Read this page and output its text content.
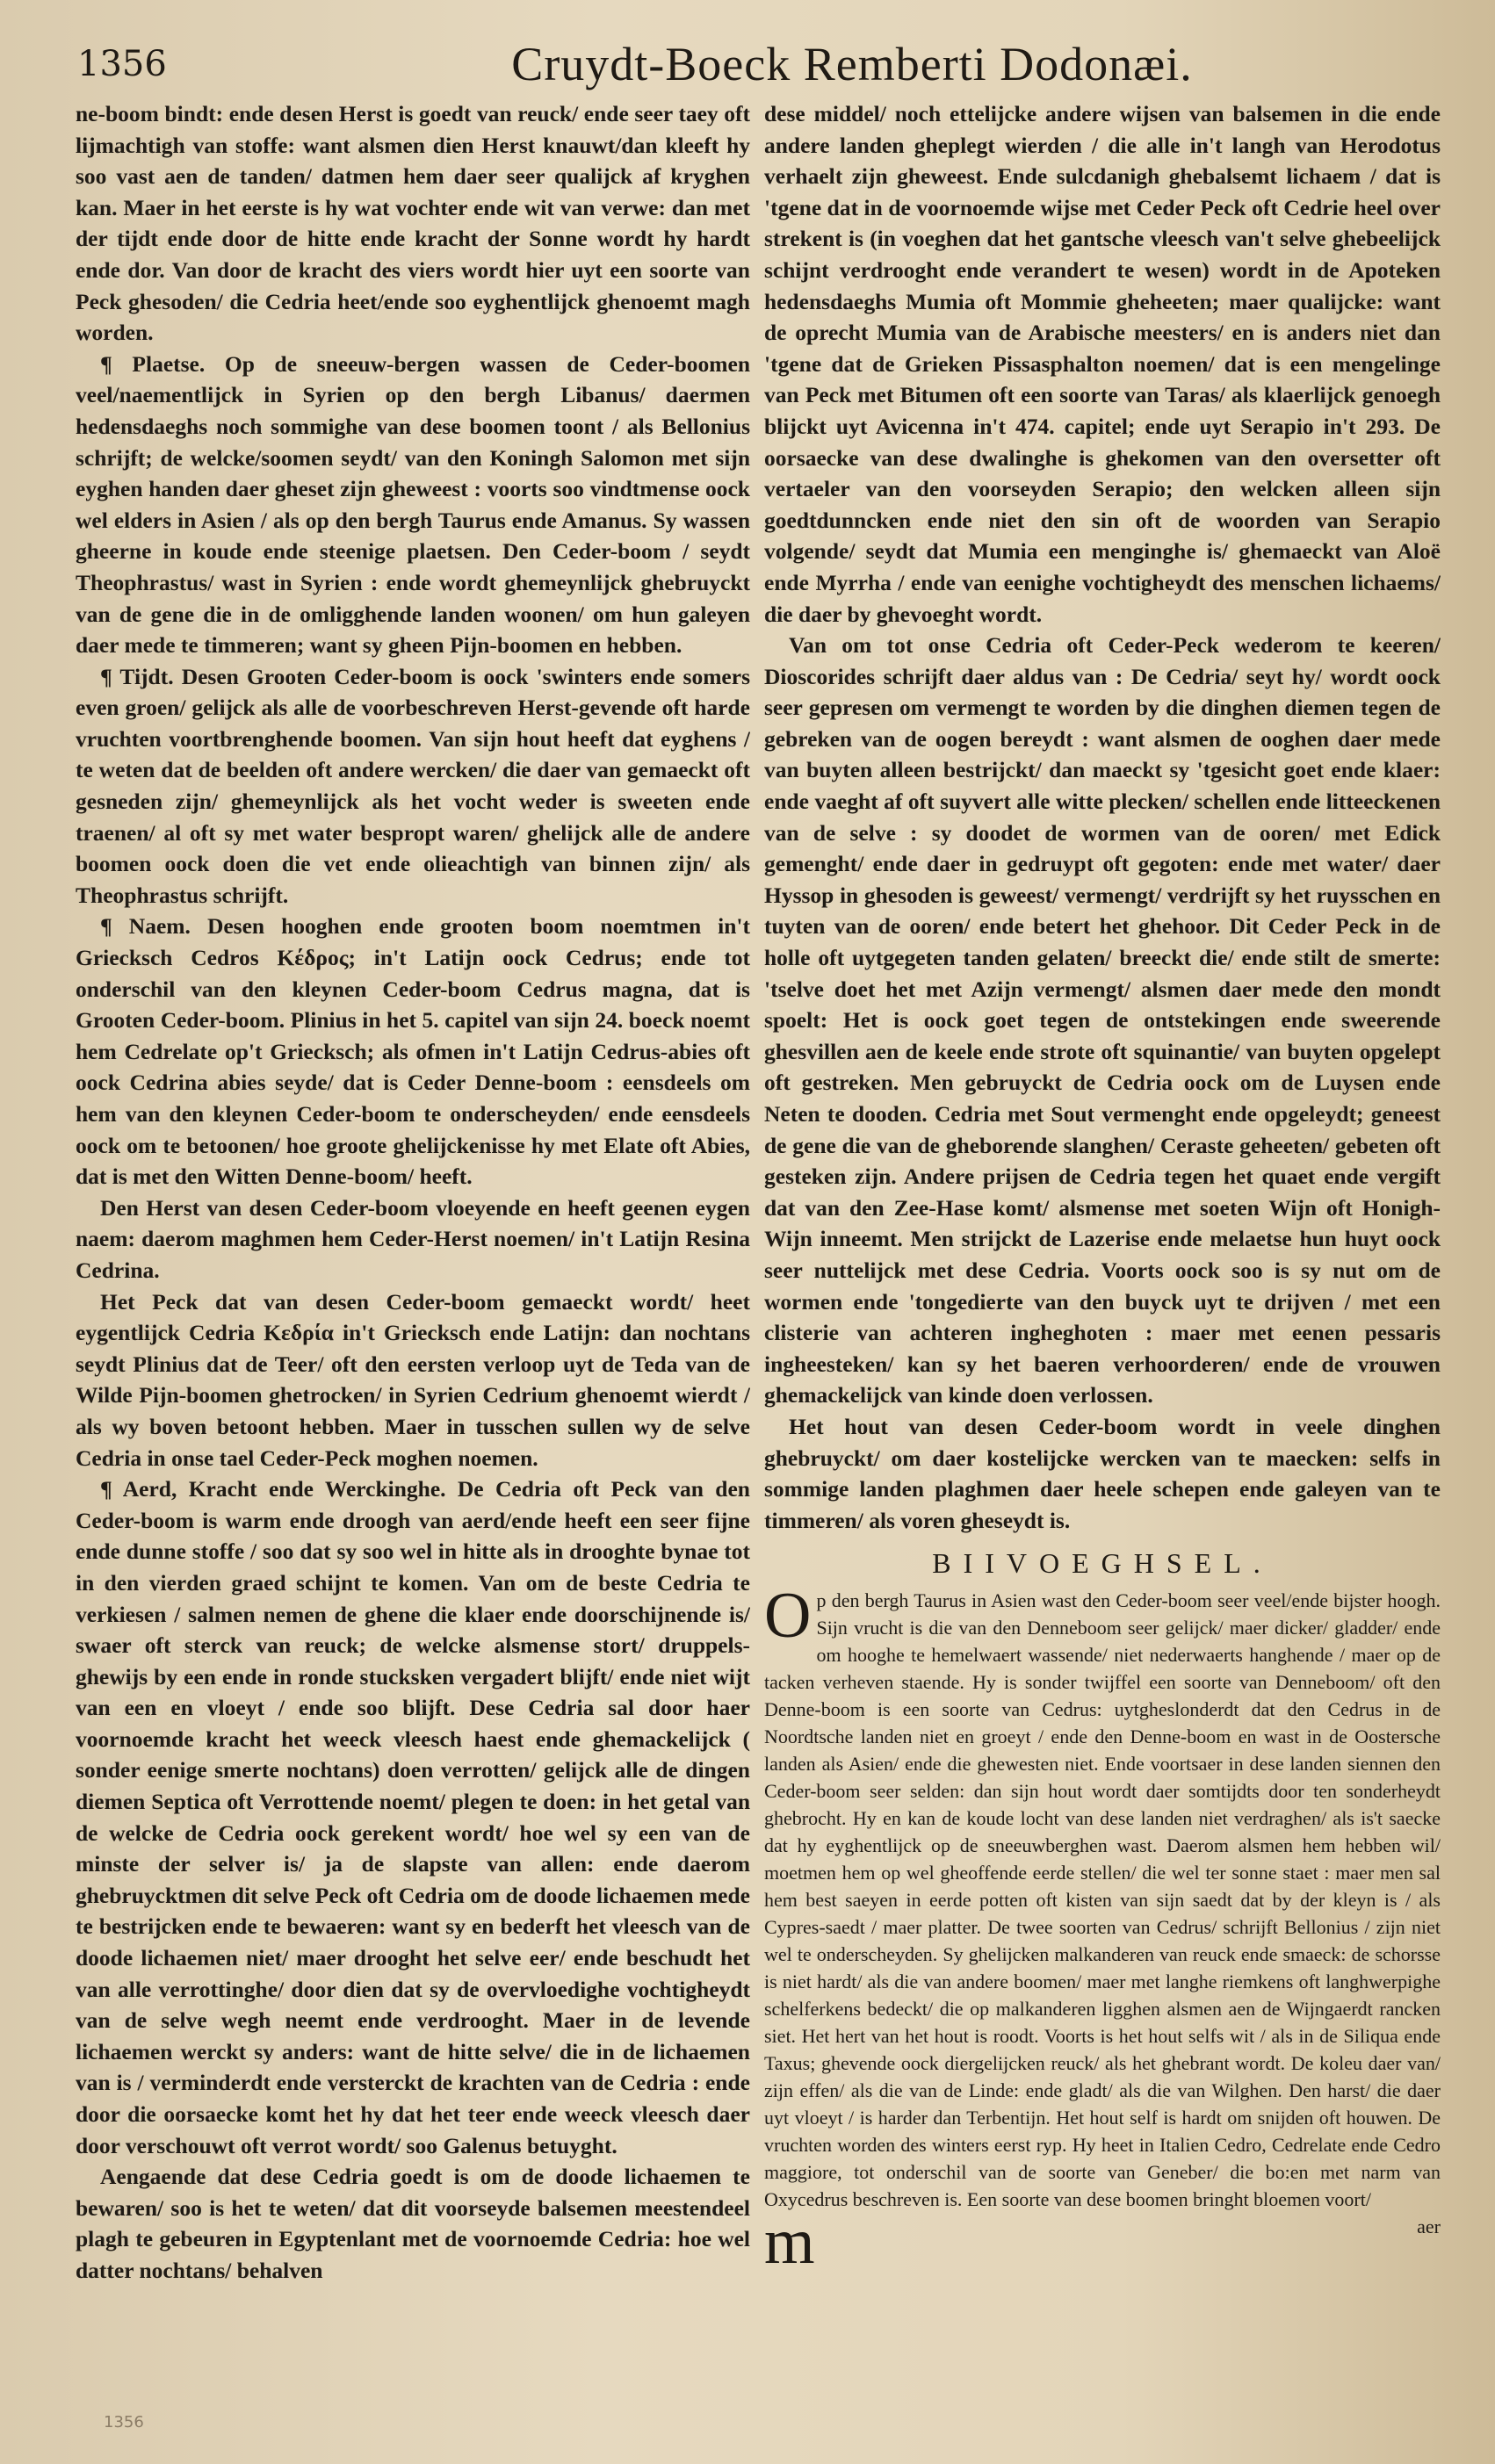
1356	Cruydt-Boeck Remberti Dodonæi.

ne-boom bindt: ende desen Herst is goedt van reuck/ ende seer taey oft lijmachtigh van stoffe: want alsmen dien Herst knauwt/dan kleeft hy soo vast aen de tanden/ datmen hem daer seer qualijck af kryghen kan. Maer in het eerste is hy wat vochter ende wit van verwe: dan met der tijdt ende door de hitte ende kracht der Sonne wordt hy hardt ende dor. Van door de kracht des viers wordt hier uyt een soorte van Peck ghesoden/ die Cedria heet/ende soo eyghentlijck ghenoemt magh worden.

¶ Plaetse. Op de sneeuw-bergen wassen de Ceder-boomen veel/naementlijck in Syrien op den bergh Libanus/ daermen hedensdaeghs noch sommighe van dese boomen toont / als Bellonius schrijft; de welcke/soomen seydt/ van den Koningh Salomon met sijn eyghen handen daer gheset zijn gheweest : voorts soo vindtmense oock wel elders in Asien / als op den bergh Taurus ende Amanus. Sy wassen gheerne in koude ende steenige plaetsen. Den Ceder-boom / seydt Theophrastus/ wast in Syrien : ende wordt ghemeynlijck ghebruyckt van de gene die in de omligghende landen woonen/ om hun galeyen daer mede te timmeren; want sy gheen Pijn-boomen en hebben.

¶ Tijdt. Desen Grooten Ceder-boom is oock 'swinters ende somers even groen/ gelijck als alle de voorbeschreven Herst-gevende oft harde vruchten voortbrenghende boomen. Van sijn hout heeft dat eyghens / te weten dat de beelden oft andere wercken/ die daer van gemaeckt oft gesneden zijn/ ghemeynlijck als het vocht weder is sweeten ende traenen/ al oft sy met water bespropt waren/ ghelijck alle de andere boomen oock doen die vet ende olieachtigh van binnen zijn/ als Theophrastus schrijft.

¶ Naem. Desen hooghen ende grooten boom noemtmen in't Griecksch Cedros Κέδρος; in't Latijn oock Cedrus; ende tot onderschil van den kleynen Ceder-boom Cedrus magna, dat is Grooten Ceder-boom. Plinius in het 5. capitel van sijn 24. boeck noemt hem Cedrelate op't Griecksch; als ofmen in't Latijn Cedrus-abies oft oock Cedrina abies seyde/ dat is Ceder Denne-boom : eensdeels om hem van den kleynen Ceder-boom te onderscheyden/ ende eensdeels oock om te betoonen/ hoe groote ghelijckenisse hy met Elate oft Abies, dat is met den Witten Denne-boom/ heeft.

Den Herst van desen Ceder-boom vloeyende en heeft geenen eygen naem: daerom maghmen hem Ceder-Herst noemen/ in't Latijn Resina Cedrina.

Het Peck dat van desen Ceder-boom gemaeckt wordt/ heet eygentlijck Cedria Κεδρία in't Griecksch ende Latijn: dan nochtans seydt Plinius dat de Teer/ oft den eersten verloop uyt de Teda van de Wilde Pijn-boomen ghetrocken/ in Syrien Cedrium ghenoemt wierdt / als wy boven betoont hebben. Maer in tusschen sullen wy de selve Cedria in onse tael Ceder-Peck moghen noemen.

¶ Aerd, Kracht ende Werckinghe. De Cedria oft Peck van den Ceder-boom is warm ende droogh van aerd/ende heeft een seer fijne ende dunne stoffe / soo dat sy soo wel in hitte als in drooghte bynae tot in den vierden graed schijnt te komen. Van om de beste Cedria te verkiesen / salmen nemen de ghene die klaer ende doorschijnende is/ swaer oft sterck van reuck; de welcke alsmense stort/ druppels-ghewijs by een ende in ronde stucksken vergadert blijft/ ende niet wijt van een en vloeyt / ende soo blijft. Dese Cedria sal door haer voornoemde kracht het weeck vleesch haest ende ghemackelijck ( sonder eenige smerte nochtans) doen verrotten/ gelijck alle de dingen diemen Septica oft Verrottende noemt/ plegen te doen: in het getal van de welcke de Cedria oock gerekent wordt/ hoe wel sy een van de minste der selver is/ ja de slapste van allen: ende daerom ghebruycktmen dit selve Peck oft Cedria om de doode lichaemen mede te bestrijcken ende te bewaeren: want sy en bederft het vleesch van de doode lichaemen niet/ maer drooght het selve eer/ ende beschudt het van alle verrottinghe/ door dien dat sy de overvloedighe vochtigheydt van de selve wegh neemt ende verdrooght. Maer in de levende lichaemen werckt sy anders: want de hitte selve/ die in de lichaemen van is / verminderdt ende versterckt de krachten van de Cedria : ende door die oorsaecke komt het hy dat het teer ende weeck vleesch daer door verschouwt oft verrot wordt/ soo Galenus betuyght.

Aengaende dat dese Cedria goedt is om de doode lichaemen te bewaren/ soo is het te weten/ dat dit voorseyde balsemen meestendeel plagh te gebeuren in Egyptenlant met de voornoemde Cedria: hoe wel datter nochtans/ behalven

dese middel/ noch ettelijcke andere wijsen van balsemen in die ende andere landen gheplegt wierden / die alle in't langh van Herodotus verhaelt zijn gheweest. Ende sulcdanigh ghebalsemt lichaem / dat is 'tgene dat in de voornoemde wijse met Ceder Peck oft Cedrie heel over strekent is (in voeghen dat het gantsche vleesch van't selve ghebeelijck schijnt verdrooght ende verandert te wesen) wordt in de Apoteken hedensdaeghs Mumia oft Mommie gheheeten; maer qualijcke: want de oprecht Mumia van de Arabische meesters/ en is anders niet dan 'tgene dat de Grieken Pissasphalton noemen/ dat is een mengelinge van Peck met Bitumen oft een soorte van Taras/ als klaerlijck genoegh blijckt uyt Avicenna in't 474. capitel; ende uyt Serapio in't 293. De oorsaecke van dese dwalinghe is ghekomen van den oversetter oft vertaeler van den voorseyden Serapio; den welcken alleen sijn goedtdunncken ende niet den sin oft de woorden van Serapio volgende/ seydt dat Mumia een menginghe is/ ghemaeckt van Aloë ende Myrrha / ende van eenighe vochtigheydt des menschen lichaems/ die daer by ghevoeght wordt.

Van om tot onse Cedria oft Ceder-Peck wederom te keeren/ Dioscorides schrijft daer aldus van : De Cedria/ seyt hy/ wordt oock seer gepresen om vermengt te worden by die dinghen diemen tegen de gebreken van de oogen bereydt : want alsmen de ooghen daer mede van buyten alleen bestrijckt/ dan maeckt sy 'tgesicht goet ende klaer: ende vaeght af oft suyvert alle witte plecken/ schellen ende litteeckenen van de selve : sy doodet de wormen van de ooren/ met Edick gemenght/ ende daer in gedruypt oft gegoten: ende met water/ daer Hyssop in ghesoden is geweest/ vermengt/ verdrijft sy het ruysschen en tuyten van de ooren/ ende betert het ghehoor. Dit Ceder Peck in de holle oft uytgegeten tanden gelaten/ breeckt die/ ende stilt de smerte: 'tselve doet het met Azijn vermengt/ alsmen daer mede den mondt spoelt: Het is oock goet tegen de ontstekingen ende sweerende ghesvillen aen de keele ende strote oft squinantie/ van buyten opgelept oft gestreken. Men gebruyckt de Cedria oock om de Luysen ende Neten te dooden. Cedria met Sout vermenght ende opgeleydt; geneest de gene die van de gheborende slanghen/ Ceraste geheeten/ gebeten oft gesteken zijn. Andere prijsen de Cedria tegen het quaet ende vergift dat van den Zee-Hase komt/ alsmense met soeten Wijn oft Honigh-Wijn inneemt. Men strijckt de Lazerise ende melaetse hun huyt oock seer nuttelijck met dese Cedria. Voorts oock soo is sy nut om de wormen ende 'tongedierte van den buyck uyt te drijven / met een clisterie van achteren ingheghoten : maer met eenen pessaris ingheesteken/ kan sy het baeren verhoorderen/ ende de vrouwen ghemackelijck van kinde doen verlossen.

Het hout van desen Ceder-boom wordt in veele dinghen ghebruyckt/ om daer kostelijcke wercken van te maecken: selfs in sommige landen plaghmen daer heele schepen ende galeyen van te timmeren/ als voren gheseydt is.

BIIVOEGHSEL.

Op den bergh Taurus in Asien wast den Ceder-boom seer veel/ende bijster hoogh. Sijn vrucht is die van den Denneboom seer gelijck/ maer dicker/ gladder/ ende om hooghe te hemelwaert wassende/ niet nederwaerts hanghende / maer op de tacken verheven staende. Hy is sonder twijffel een soorte van Denneboom/ oft den Denne-boom is een soorte van Cedrus: uytgheslonderdt dat den Cedrus in de Noordtsche landen niet en groeyt / ende den Denne-boom en wast in de Oostersche landen als Asien/ ende die ghewesten niet. Ende voortsaer in dese landen siennen den Ceder-boom seer selden: dan sijn hout wordt daer somtijdts door ten sonderheydt ghebrocht. Hy en kan de koude locht van dese landen niet verdraghen/ als is't saecke dat hy eyghentlijck op de sneeuwberghen wast. Daerom alsmen hem hebben wil/ moetmen hem op wel gheoffende eerde stellen/ die wel ter sonne staet : maer men sal hem best saeyen in eerde potten oft kisten van sijn saedt dat by der kleyn is / als Cypres-saedt / maer platter. De twee soorten van Cedrus/ schrijft Bellonius / zijn niet wel te onderscheyden. Sy ghelijcken malkanderen van reuck ende smaeck: de schorsse is niet hardt/ als die van andere boomen/ maer met langhe riemkens oft langhwerpighe schelferkens bedeckt/ die op malkanderen ligghen alsmen aen de Wijngaerdt rancken siet. Het hert van het hout is roodt. Voorts is het hout selfs wit / als in de Siliqua ende Taxus; ghevende oock diergelijcken reuck/ als het ghebrant wordt. De koleu daer van/ zijn effen/ als die van de Linde: ende gladt/ als die van Wilghen. Den harst/ die daer uyt vloeyt / is harder dan Terbentijn. Het hout self is hardt om snijden oft houwen. De vruchten worden des winters eerst ryp. Hy heet in Italien Cedro, Cedrelate ende Cedro maggiore, tot onderschil van de soorte van Geneber/ die bo:en met narm van Oxycedrus beschreven is. Een soorte van dese boomen bringht bloemen voort/

maer

1356
